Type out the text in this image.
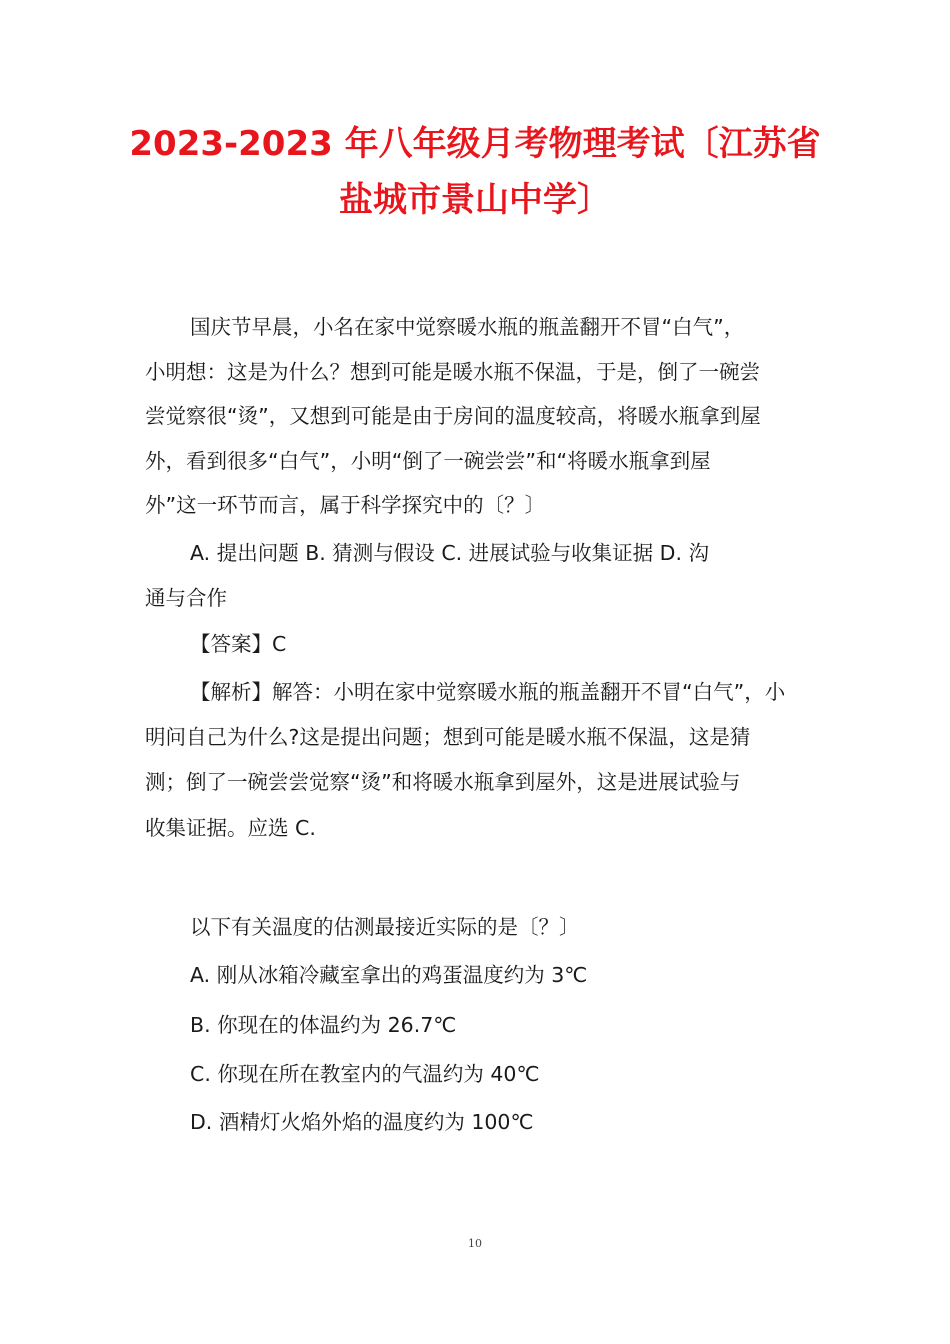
2023-2023 年八年级月考物理考试〔江苏省
盐城市景山中学〕
国庆节早晨，小名在家中觉察暖水瓶的瓶盖翻开不冒“白气”，
小明想：这是为什么？想到可能是暖水瓶不保温，于是，倒了一碗尝
尝觉察很“烫”，又想到可能是由于房间的温度较高，将暖水瓶拿到屋
外，看到很多“白气”，小明“倒了一碗尝尝”和“将暖水瓶拿到屋
外”这一环节而言，属于科学探究中的〔？〕
A. 提出问题 B. 猜测与假设 C. 进展试验与收集证据 D. 沟
通与合作
【答案】C
【解析】解答：小明在家中觉察暖水瓶的瓶盖翻开不冒“白气”，小
明问自己为什么?这是提出问题；想到可能是暖水瓶不保温，这是猜
测；倒了一碗尝尝觉察“烫”和将暖水瓶拿到屋外，这是进展试验与
收集证据。应选 C.
以下有关温度的估测最接近实际的是〔？〕
A. 刚从冰箱冷藏室拿出的鸡蛋温度约为 3℃
B. 你现在的体温约为 26.7℃
C. 你现在所在教室内的气温约为 40℃
D. 酒精灯火焰外焰的温度约为 100℃
10
